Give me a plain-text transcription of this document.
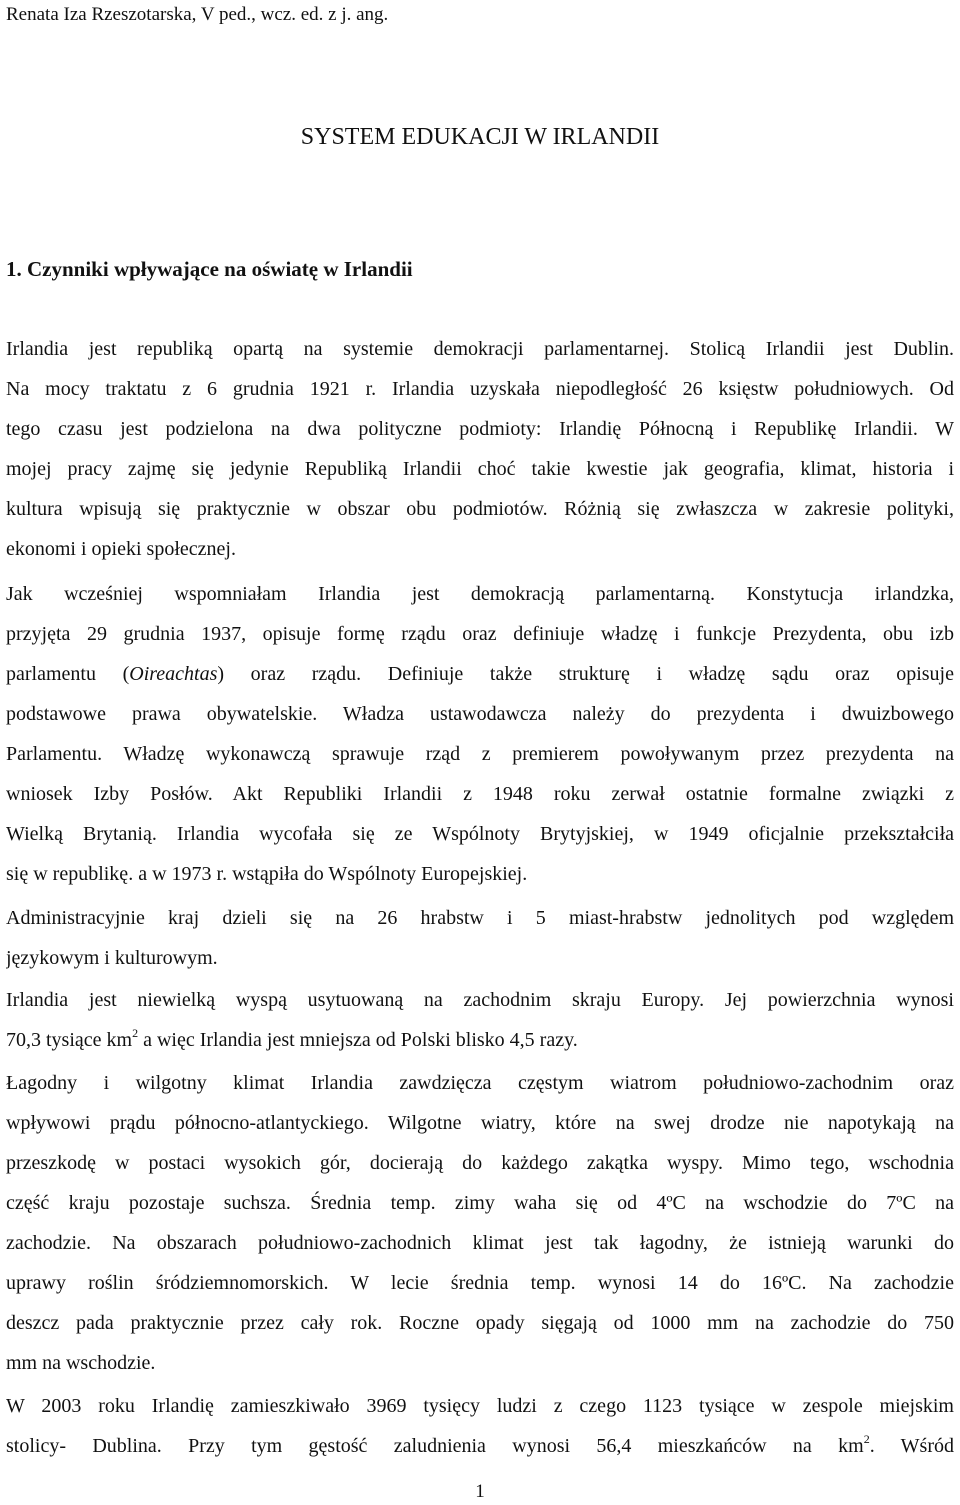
Renata Iza Rzeszotarska, V ped., wcz. ed. z j. ang.
SYSTEM EDUKACJI W IRLANDII
1. Czynniki wpływające na oświatę w Irlandii
Irlandia jest republiką opartą na systemie demokracji parlamentarnej. Stolicą Irlandii jest Dublin.
Na mocy traktatu z 6 grudnia 1921 r. Irlandia uzyskała niepodległość 26 księstw południowych. Od
tego czasu jest podzielona na dwa polityczne podmioty: Irlandię Północną i Republikę Irlandii. W
mojej pracy zajmę się jedynie Republiką Irlandii choć takie kwestie jak geografia, klimat, historia i
kultura wpisują się praktycznie w obszar obu podmiotów. Różnią się zwłaszcza w zakresie polityki,
ekonomi i opieki społecznej.
Jak wcześniej wspomniałam Irlandia jest demokracją parlamentarną. Konstytucja irlandzka,
przyjęta 29 grudnia 1937, opisuje formę rządu oraz definiuje władzę i funkcje Prezydenta, obu izb
parlamentu (Oireachtas) oraz rządu. Definiuje także strukturę i władzę sądu oraz opisuje
podstawowe prawa obywatelskie. Władza ustawodawcza należy do prezydenta i dwuizbowego
Parlamentu. Władzę wykonawczą sprawuje rząd z premierem powoływanym przez prezydenta na
wniosek Izby Posłów. Akt Republiki Irlandii z 1948 roku zerwał ostatnie formalne związki z
Wielką Brytanią. Irlandia wycofała się ze Wspólnoty Brytyjskiej, w 1949 oficjalnie przekształciła
się w republikę. a w 1973 r. wstąpiła do Wspólnoty Europejskiej.
Administracyjnie kraj dzieli się na 26 hrabstw i 5 miast-hrabstw jednolitych pod względem
językowym i kulturowym.
Irlandia jest niewielką wyspą usytuowaną na zachodnim skraju Europy. Jej powierzchnia wynosi
70,3 tysiące $km^2$ a więc Irlandia jest mniejsza od Polski blisko 4,5 razy.
Łagodny i wilgotny klimat Irlandia zawdzięcza częstym wiatrom południowo-zachodnim oraz
wpływowi prądu północno-atlantyckiego. Wilgotne wiatry, które na swej drodze nie napotykają na
przeszkodę w postaci wysokich gór, docierają do każdego zakątka wyspy. Mimo tego, wschodnia
część kraju pozostaje suchsza. Średnia temp. zimy waha się od 4ºC na wschodzie do 7ºC na
zachodzie. Na obszarach południowo-zachodnich klimat jest tak łagodny, że istnieją warunki do
uprawy roślin śródziemnomorskich. W lecie średnia temp. wynosi 14 do 16ºC. Na zachodzie
deszcz pada praktycznie przez cały rok. Roczne opady sięgają od 1000 mm na zachodzie do 750
mm na wschodzie.
W 2003 roku Irlandię zamieszkiwało 3969 tysięcy ludzi z czego 1123 tysiące w zespole miejskim
stolicy- Dublina. Przy tym gęstość zaludnienia wynosi 56,4 mieszkańców na $km^2$. Wśród
1
